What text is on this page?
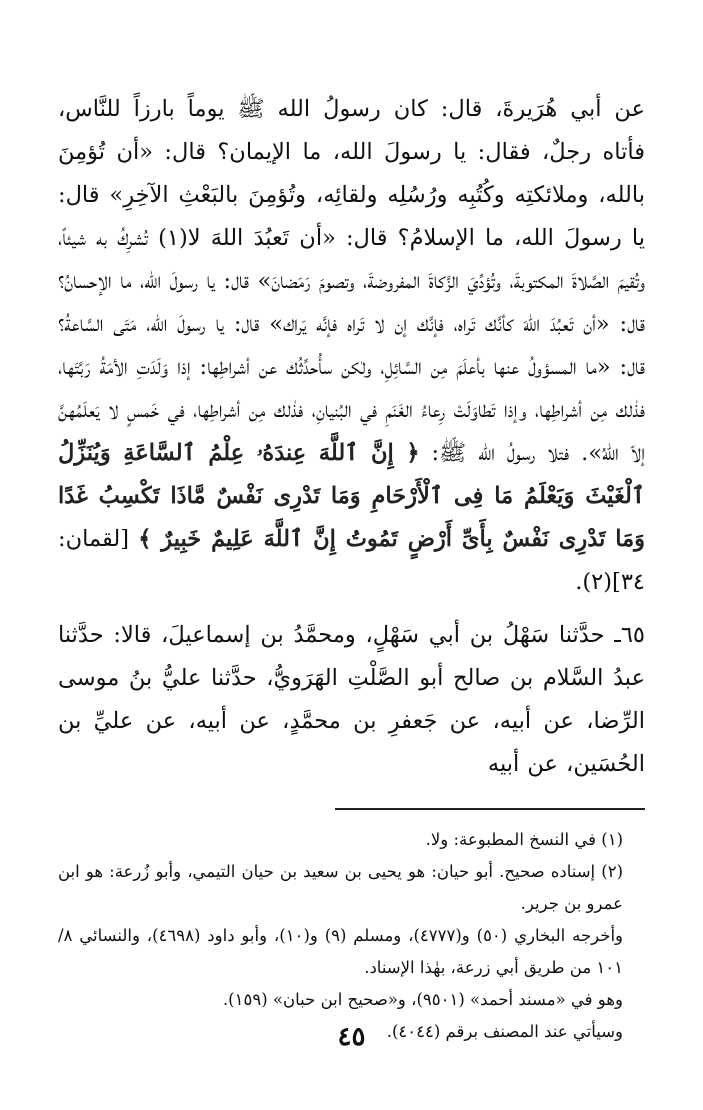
عن أبي هُرَيرةَ، قال: كان رسولُ الله ﷺ يوماً بارزاً للنَّاس، فأتاه رجلٌ، فقال: يا رسولَ الله، ما الإيمان؟ قال: «أن تُؤمِنَ بالله، وملائكتِه وكُتُبِه ورُسُلِه ولقائِه، وتُؤمِنَ بالبَعْثِ الآخِرِ» قال: يا رسولَ الله، ما الإسلامُ؟ قال: «أن تَعبُدَ اللهَ لا(١) تُشرِكُ به شيئاً، وتُقيمَ الصَّلاةَ المكتوبةَ، وتُؤدِّيَ الزَّكاةَ المفروضةَ، وتصومَ رَمَضانَ» قال: يا رسولَ الله، ما الإحسانُ؟ قال: «أن تَعبُدَ اللهَ كأنَّك تَراه، فإنَّك إن لا تَراه فإنَّه يَراك» قال: يا رسولَ الله، مَتَى السَّاعةُ؟ قال: «ما المسؤولُ عنها بأعلَمَ مِن السَّائِلِ، ولٰكن سأُحدِّثُك عن أشراطِها: إذا وَلَدَتِ الأمَةُ رَبَّتَها، فذٰلك مِن أشراطِها، وإذا تَطاوَلَتْ رِعاءُ الغَنَمِ في البُنيانِ، فذٰلك مِن أشراطِها، في خَمسٍ لا يَعلَمُهنَّ إلاّ اللهُ». فتلا رسولُ الله ﷺ: ﴿ إِنَّ ٱللَّهَ عِندَهُۥ عِلْمُ ٱلسَّاعَةِ وَيُنَزِّلُ ٱلْغَيْثَ وَيَعْلَمُ مَا فِى ٱلْأَرْحَامِ وَمَا تَدْرِى نَفْسٌ مَّاذَا تَكْسِبُ غَدًا وَمَا تَدْرِى نَفْسٌ بِأَىِّ أَرْضٍ تَمُوتُ إِنَّ ٱللَّهَ عَلِيمٌ خَبِيرٌ ﴾ [لقمان: ٣٤](٢).

٦٥ـ حدَّثنا سَهْلُ بن أبي سَهْلٍ، ومحمَّدُ بن إسماعيلَ، قالا: حدَّثنا عبدُ السَّلام بن صالح أبو الصَّلْتِ الهَرَويُّ، حدَّثنا عليُّ بنُ موسى الرِّضا، عن أبيه، عن جَعفرِ بن محمَّدٍ، عن أبيه، عن عليِّ بن الحُسَين، عن أبيه

(١) في النسخ المطبوعة: ولا.

(٢) إسناده صحيح. أبو حيان: هو يحيى بن سعيد بن حيان التيمي، وأبو زُرعة: هو ابن عمرو بن جرير.

وأخرجه البخاري (٥٠) و(٤٧٧٧)، ومسلم (٩) و(١٠)، وأبو داود (٤٦٩٨)، والنسائي ٨/ ١٠١ من طريق أبي زرعة، بهٰذا الإسناد.

وهو في «مسند أحمد» (٩٥٠١)، و«صحيح ابن حبان» (١٥٩).

وسيأتي عند المصنف برقم (٤٠٤٤).

٤٥
